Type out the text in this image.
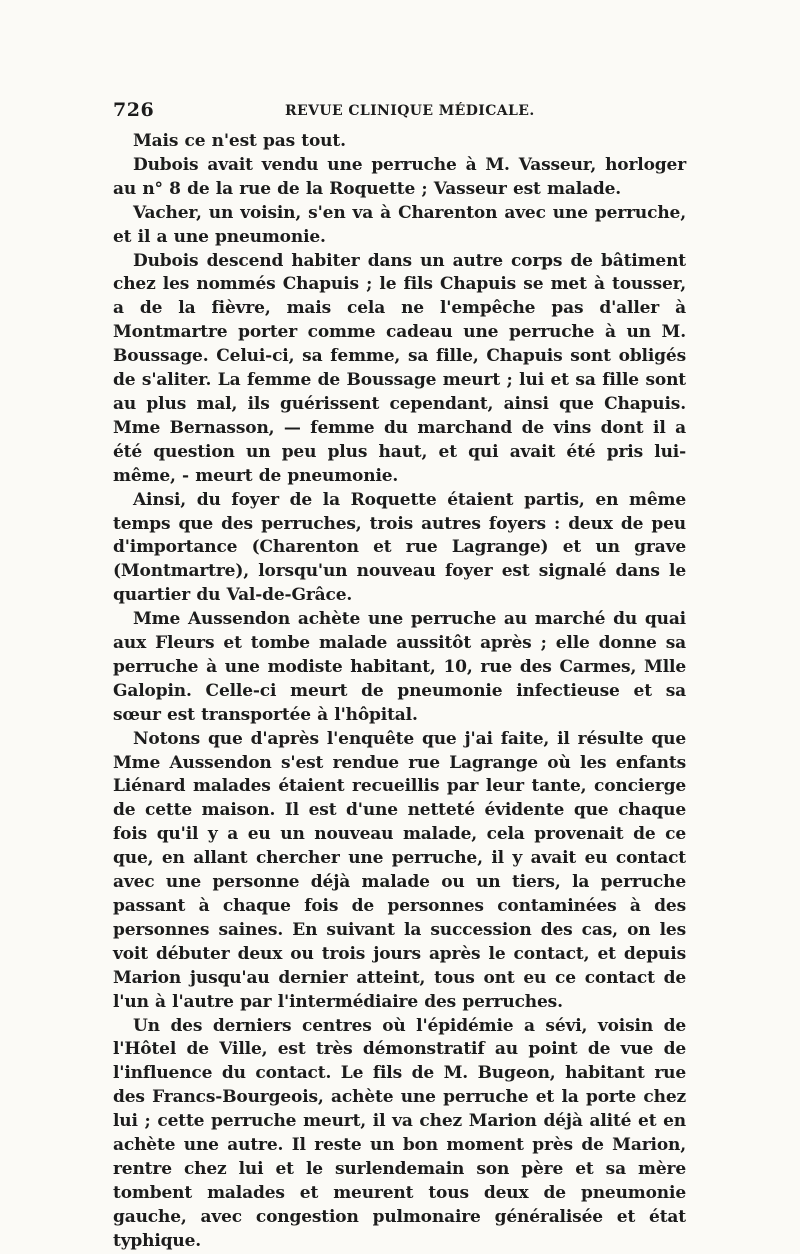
726	REVUE CLINIQUE MÉDICALE.

Mais ce n'est pas tout.

Dubois avait vendu une perruche à M. Vasseur, horloger au n° 8 de la rue de la Roquette ; Vasseur est malade.

Vacher, un voisin, s'en va à Charenton avec une perruche, et il a une pneumonie.

Dubois descend habiter dans un autre corps de bâtiment chez les nommés Chapuis ; le fils Chapuis se met à tousser, a de la fièvre, mais cela ne l'empêche pas d'aller à Montmartre porter comme cadeau une perruche à un M. Boussage. Celui-ci, sa femme, sa fille, Chapuis sont obligés de s'aliter. La femme de Boussage meurt ; lui et sa fille sont au plus mal, ils guérissent cependant, ainsi que Chapuis. Mme Bernasson, — femme du marchand de vins dont il a été question un peu plus haut, et qui avait été pris lui-même, - meurt de pneumonie.

Ainsi, du foyer de la Roquette étaient partis, en même temps que des perruches, trois autres foyers : deux de peu d'importance (Charenton et rue Lagrange) et un grave (Montmartre), lorsqu'un nouveau foyer est signalé dans le quartier du Val-de-Grâce.

Mme Aussendon achète une perruche au marché du quai aux Fleurs et tombe malade aussitôt après ; elle donne sa perruche à une modiste habitant, 10, rue des Carmes, Mlle Galopin. Celle-ci meurt de pneumonie infectieuse et sa sœur est transportée à l'hôpital.

Notons que d'après l'enquête que j'ai faite, il résulte que Mme Aussendon s'est rendue rue Lagrange où les enfants Liénard malades étaient recueillis par leur tante, concierge de cette maison. Il est d'une netteté évidente que chaque fois qu'il y a eu un nouveau malade, cela provenait de ce que, en allant chercher une perruche, il y avait eu contact avec une personne déjà malade ou un tiers, la perruche passant à chaque fois de personnes contaminées à des personnes saines. En suivant la succession des cas, on les voit débuter deux ou trois jours après le contact, et depuis Marion jusqu'au dernier atteint, tous ont eu ce contact de l'un à l'autre par l'intermédiaire des perruches.

Un des derniers centres où l'épidémie a sévi, voisin de l'Hôtel de Ville, est très démonstratif au point de vue de l'influence du contact. Le fils de M. Bugeon, habitant rue des Francs-Bourgeois, achète une perruche et la porte chez lui ; cette perruche meurt, il va chez Marion déjà alité et en achète une autre. Il reste un bon moment près de Marion, rentre chez lui et le surlendemain son père et sa mère tombent malades et meurent tous deux de pneumonie gauche, avec congestion pulmonaire généralisée et état typhique.
